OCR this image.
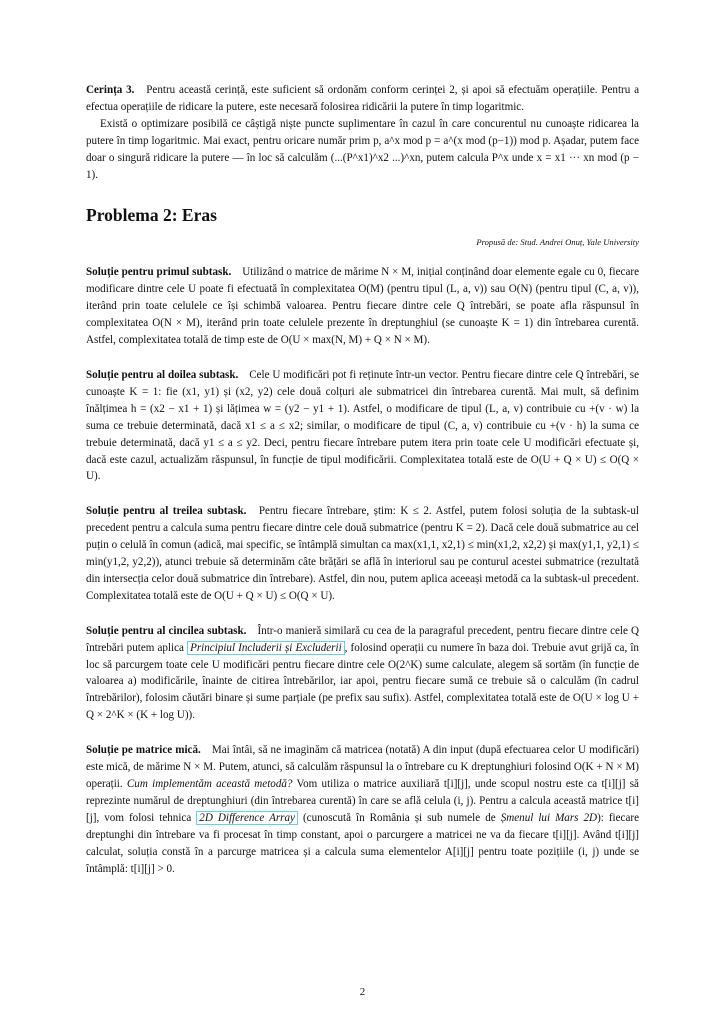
Cerința 3. Pentru această cerință, este suficient să ordonăm conform cerinței 2, și apoi să efectuăm operațiile. Pentru a efectua operațiile de ridicare la putere, este necesară folosirea ridicării la putere în timp logaritmic.

Există o optimizare posibilă ce câștigă niște puncte suplimentare în cazul în care concurentul nu cunoaște ridicarea la putere în timp logaritmic. Mai exact, pentru oricare număr prim p, a^x mod p = a^(x mod (p−1)) mod p. Așadar, putem face doar o singură ridicare la putere — în loc să calculăm (...(P^x1)^x2 ...)^xn, putem calcula P^x unde x = x1 ··· xn mod (p − 1).

Problema 2: Eras
Propusă de: Stud. Andrei Onuț, Yale University

Soluție pentru primul subtask. Utilizând o matrice de mărime N × M, inițial conținând doar elemente egale cu 0, fiecare modificare dintre cele U poate fi efectuată în complexitatea O(M) (pentru tipul (L, a, v)) sau O(N) (pentru tipul (C, a, v)), iterând prin toate celulele ce își schimbă valoarea. Pentru fiecare dintre cele Q întrebări, se poate afla răspunsul în complexitatea O(N × M), iterând prin toate celulele prezente în dreptunghiul (se cunoaște K = 1) din întrebarea curentă. Astfel, complexitatea totală de timp este de O(U × max(N, M) + Q × N × M).

Soluție pentru al doilea subtask. Cele U modificări pot fi reținute într-un vector. Pentru fiecare dintre cele Q întrebări, se cunoaște K = 1: fie (x1, y1) și (x2, y2) cele două colțuri ale submatricei din întrebarea curentă. Mai mult, să definim înălțimea h = (x2 − x1 + 1) și lățimea w = (y2 − y1 + 1). Astfel, o modificare de tipul (L, a, v) contribuie cu +(v · w) la suma ce trebuie determinată, dacă x1 ≤ a ≤ x2; similar, o modificare de tipul (C, a, v) contribuie cu +(v · h) la suma ce trebuie determinată, dacă y1 ≤ a ≤ y2. Deci, pentru fiecare întrebare putem itera prin toate cele U modificări efectuate și, dacă este cazul, actualizăm răspunsul, în funcție de tipul modificării. Complexitatea totală este de O(U + Q × U) ≤ O(Q × U).

Soluție pentru al treilea subtask. Pentru fiecare întrebare, știm: K ≤ 2. Astfel, putem folosi soluția de la subtask-ul precedent pentru a calcula suma pentru fiecare dintre cele două submatrice (pentru K = 2). Dacă cele două submatrice au cel puțin o celulă în comun (adică, mai specific, se întâmplă simultan ca max(x1,1, x2,1) ≤ min(x1,2, x2,2) și max(y1,1, y2,1) ≤ min(y1,2, y2,2)), atunci trebuie să determinăm câte brățări se află în interiorul sau pe conturul acestei submatrice (rezultată din intersecția celor două submatrice din întrebare). Astfel, din nou, putem aplica aceeași metodă ca la subtask-ul precedent. Complexitatea totală este de O(U + Q × U) ≤ O(Q × U).

Soluție pentru al cincilea subtask. Într-o manieră similară cu cea de la paragraful precedent, pentru fiecare dintre cele Q întrebări putem aplica Principiul Includerii și Excluderii , folosind operații cu numere în baza doi. Trebuie avut grijă ca, în loc să parcurgem toate cele U modificări pentru fiecare dintre cele O(2^K) sume calculate, alegem să sortăm (în funcție de valoarea a) modificările, înainte de citirea întrebărilor, iar apoi, pentru fiecare sumă ce trebuie să o calculăm (în cadrul întrebărilor), folosim căutări binare și sume parțiale (pe prefix sau sufix). Astfel, complexitatea totală este de O(U × log U + Q × 2^K × (K + log U)).

Soluție pe matrice mică. Mai întâi, să ne imaginăm că matricea (notată) A din input (după efectuarea celor U modificări) este mică, de mărime N × M. Putem, atunci, să calculăm răspunsul la o întrebare cu K dreptunghiuri folosind O(K + N × M) operații. Cum implementăm această metodă? Vom utiliza o matrice auxiliară t[i][j], unde scopul nostru este ca t[i][j] să reprezinte numărul de dreptunghiuri (din întrebarea curentă) în care se află celula (i, j). Pentru a calcula această matrice t[i][j], vom folosi tehnica 2D Difference Array (cunoscută în România și sub numele de Șmenul lui Mars 2D): fiecare dreptunghi din întrebare va fi procesat în timp constant, apoi o parcurgere a matricei ne va da fiecare t[i][j]. Având t[i][j] calculat, soluția constă în a parcurge matricea și a calcula suma elementelor A[i][j] pentru toate pozițiile (i, j) unde se întâmplă: t[i][j] > 0.

2
